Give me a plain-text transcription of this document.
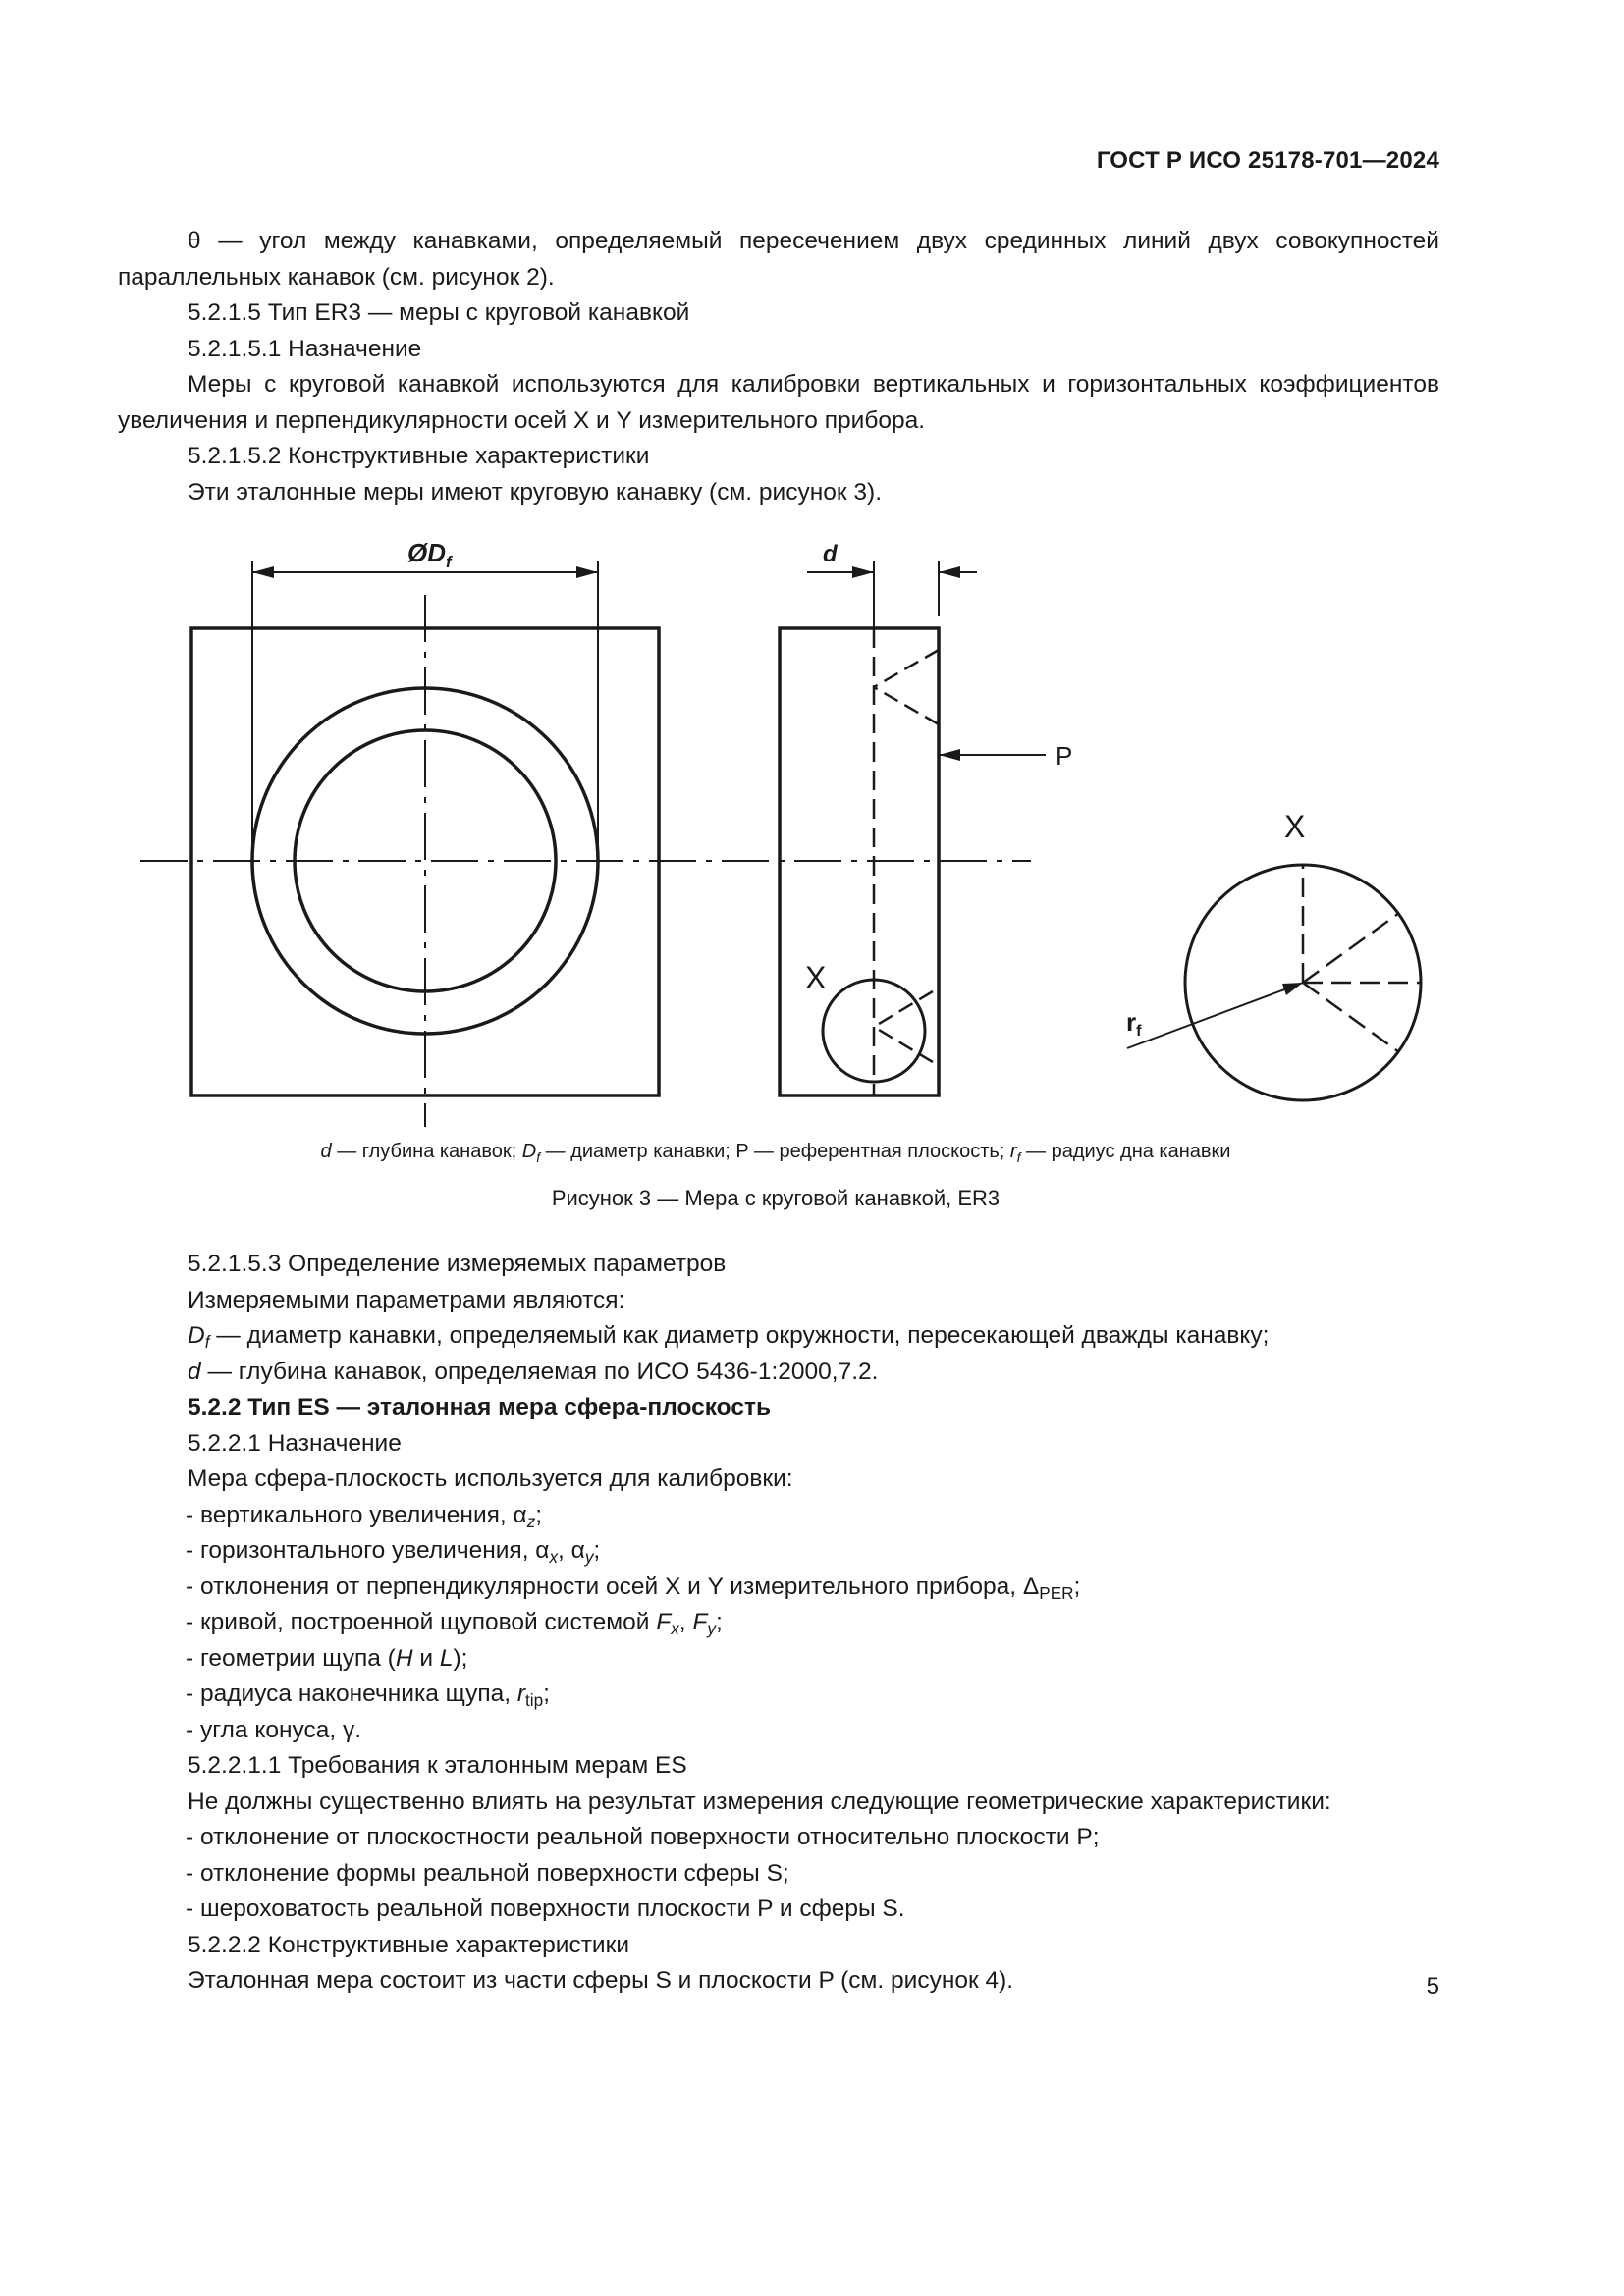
ГОСТ Р ИСО 25178-701—2024

θ — угол между канавками, определяемый пересечением двух срединных линий двух совокупностей параллельных канавок (см. рисунок 2).

5.2.1.5 Тип ER3 — меры с круговой канавкой

5.2.1.5.1 Назначение

Меры с круговой канавкой используются для калибровки вертикальных и горизонтальных коэффициентов увеличения и перпендикулярности осей X и Y измерительного прибора.

5.2.1.5.2 Конструктивные характеристики

Эти эталонные меры имеют круговую канавку (см. рисунок 3).

$ØD_f$	d
P
X
X
rf
d — глубина канавок; $D_f$ — диаметр канавки; P — референтная плоскость; $r_f$ — радиус дна канавки
Рисунок 3 — Мера с круговой канавкой, ER3

5.2.1.5.3 Определение измеряемых параметров

Измеряемыми параметрами являются:

$D_f$ — диаметр канавки, определяемый как диаметр окружности, пересекающей дважды канавку;

d — глубина канавок, определяемая по ИСО 5436-1:2000,7.2.

5.2.2 Тип ES — эталонная мера сфера-плоскость

5.2.2.1 Назначение

Мера сфера-плоскость используется для калибровки:

- вертикального увеличения, $\alpha_z$;

- горизонтального увеличения, $\alpha_x$, $\alpha_y$;

- отклонения от перпендикулярности осей X и Y измерительного прибора, $\Delta_{PER}$;

- кривой, построенной щуповой системой $F_x$, $F_y$;

- геометрии щупа (H и L);

- радиуса наконечника щупа, $r_{tip}$;

- угла конуса, γ.

5.2.2.1.1 Требования к эталонным мерам ES

Не должны существенно влиять на результат измерения следующие геометрические характеристики:

- отклонение от плоскостности реальной поверхности относительно плоскости P;

- отклонение формы реальной поверхности сферы S;

- шероховатость реальной поверхности плоскости P и сферы S.

5.2.2.2 Конструктивные характеристики

Эталонная мера состоит из части сферы S и плоскости P (см. рисунок 4).	5
